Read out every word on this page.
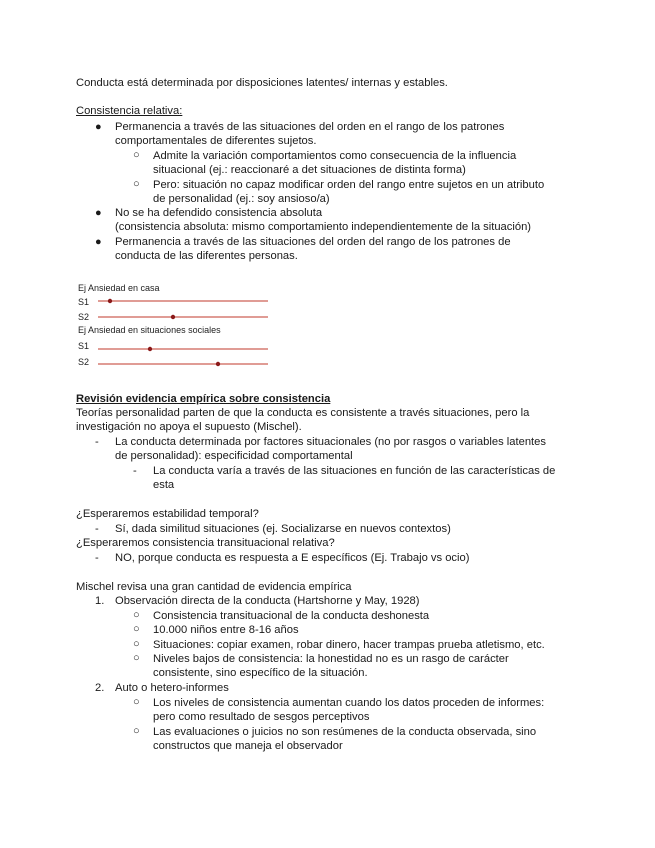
Conducta está determinada por disposiciones latentes/ internas y estables.
Consistencia relativa:
● Permanencia a través de las situaciones del orden en el rango de los patrones
comportamentales de diferentes sujetos.
○ Admite la variación comportamientos como consecuencia de la influencia
situacional (ej.: reaccionaré a det situaciones de distinta forma)
○ Pero: situación no capaz modificar orden del rango entre sujetos en un atributo
de personalidad (ej.: soy ansioso/a)
● No se ha defendido consistencia absoluta
(consistencia absoluta: mismo comportamiento independientemente de la situación)
● Permanencia a través de las situaciones del orden del rango de los patrones de
conducta de las diferentes personas.
Ej Ansiedad en casa
S1
S2
Ej Ansiedad en situaciones sociales
S1
S2
Revisión evidencia empírica sobre consistencia
Teorías personalidad parten de que la conducta es consistente a través situaciones, pero la
investigación no apoya el supuesto (Mischel).
- La conducta determinada por factores situacionales (no por rasgos o variables latentes
de personalidad): especificidad comportamental
- La conducta varía a través de las situaciones en función de las características de
esta
¿Esperaremos estabilidad temporal?
- Sí, dada similitud situaciones (ej. Socializarse en nuevos contextos)
¿Esperaremos consistencia transituacional relativa?
- NO, porque conducta es respuesta a E específicos (Ej. Trabajo vs ocio)
Mischel revisa una gran cantidad de evidencia empírica
1. Observación directa de la conducta (Hartshorne y May, 1928)
○ Consistencia transituacional de la conducta deshonesta
○ 10.000 niños entre 8-16 años
○ Situaciones: copiar examen, robar dinero, hacer trampas prueba atletismo, etc.
○ Niveles bajos de consistencia: la honestidad no es un rasgo de carácter
consistente, sino específico de la situación.
2. Auto o hetero-informes
○ Los niveles de consistencia aumentan cuando los datos proceden de informes:
pero como resultado de sesgos perceptivos
○ Las evaluaciones o juicios no son resúmenes de la conducta observada, sino
constructos que maneja el observador
